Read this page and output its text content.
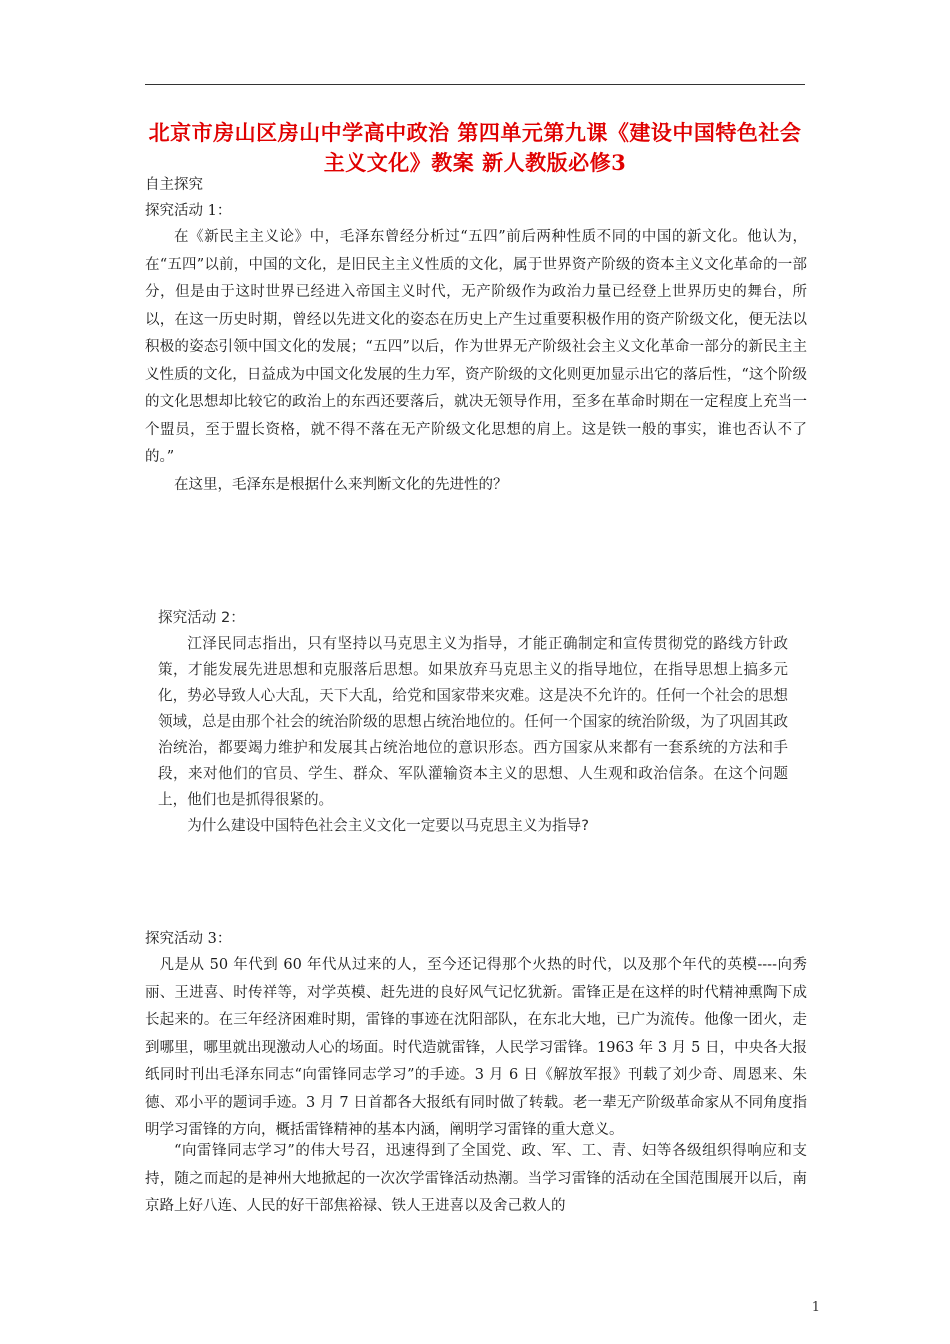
北京市房山区房山中学高中政治 第四单元第九课《建设中国特色社会主义文化》教案 新人教版必修3
自主探究
探究活动 1：

在《新民主主义论》中，毛泽东曾经分析过“五四”前后两种性质不同的中国的新文化。他认为， 在“五四”以前，中国的文化，是旧民主主义性质的文化，属于世界资产阶级的资本主义文化革命的一部分，但是由于这时世界已经进入帝国主义时代，无产阶级作为政治力量已经登上世界历史的舞台，所以，在这一历史时期，曾经以先进文化的姿态在历史上产生过重要积极作用的资产阶级文化，便无法以积极的姿态引领中国文化的发展；“五四”以后，作为世界无产阶级社会主义文化革命一部分的新民主主义性质的文化，日益成为中国文化发展的生力军，资产阶级的文化则更加显示出它的落后性，“这个阶级的文化思想却比较它的政治上的东西还要落后，就决无领导作用，至多在革命时期在一定程度上充当一个盟员，至于盟长资格，就不得不落在无产阶级文化思想的肩上。这是铁一般的事实，谁也否认不了的。”

在这里，毛泽东是根据什么来判断文化的先进性的？

探究活动 2：

江泽民同志指出，只有坚持以马克思主义为指导，才能正确制定和宣传贯彻党的路线方针政策，才能发展先进思想和克服落后思想。如果放弃马克思主义的指导地位，在指导思想上搞多元化，势必导致人心大乱，天下大乱，给党和国家带来灾难。这是决不允许的。任何一个社会的思想领域，总是由那个社会的统治阶级的思想占统治地位的。任何一个国家的统治阶级，为了巩固其政治统治，都要竭力维护和发展其占统治地位的意识形态。西方国家从来都有一套系统的方法和手段，来对他们的官员、学生、群众、军队灌输资本主义的思想、人生观和政治信条。在这个问题上，他们也是抓得很紧的。

为什么建设中国特色社会主义文化一定要以马克思主义为指导?

探究活动 3：

凡是从 50 年代到 60 年代从过来的人，至今还记得那个火热的时代，以及那个年代的英模----向秀丽、王进喜、时传祥等，对学英模、赶先进的良好风气记忆犹新。雷锋正是在这样的时代精神熏陶下成长起来的。在三年经济困难时期，雷锋的事迹在沈阳部队，在东北大地，已广为流传。他像一团火，走到哪里，哪里就出现激动人心的场面。时代造就雷锋，人民学习雷锋。1963 年 3 月 5 日，中央各大报纸同时刊出毛泽东同志“向雷锋同志学习”的手迹。3 月 6 日《解放军报》刊载了刘少奇、周恩来、朱德、邓小平的题词手迹。3 月 7 日首都各大报纸有同时做了转载。老一辈无产阶级革命家从不同角度指明学习雷锋的方向，概括雷锋精神的基本内涵，阐明学习雷锋的重大意义。

“向雷锋同志学习”的伟大号召，迅速得到了全国党、政、军、工、青、妇等各级组织得响应和支持，随之而起的是神州大地掀起的一次次学雷锋活动热潮。当学习雷锋的活动在全国范围展开以后，南京路上好八连、人民的好干部焦裕禄、铁人王进喜以及舍己救人的

1
